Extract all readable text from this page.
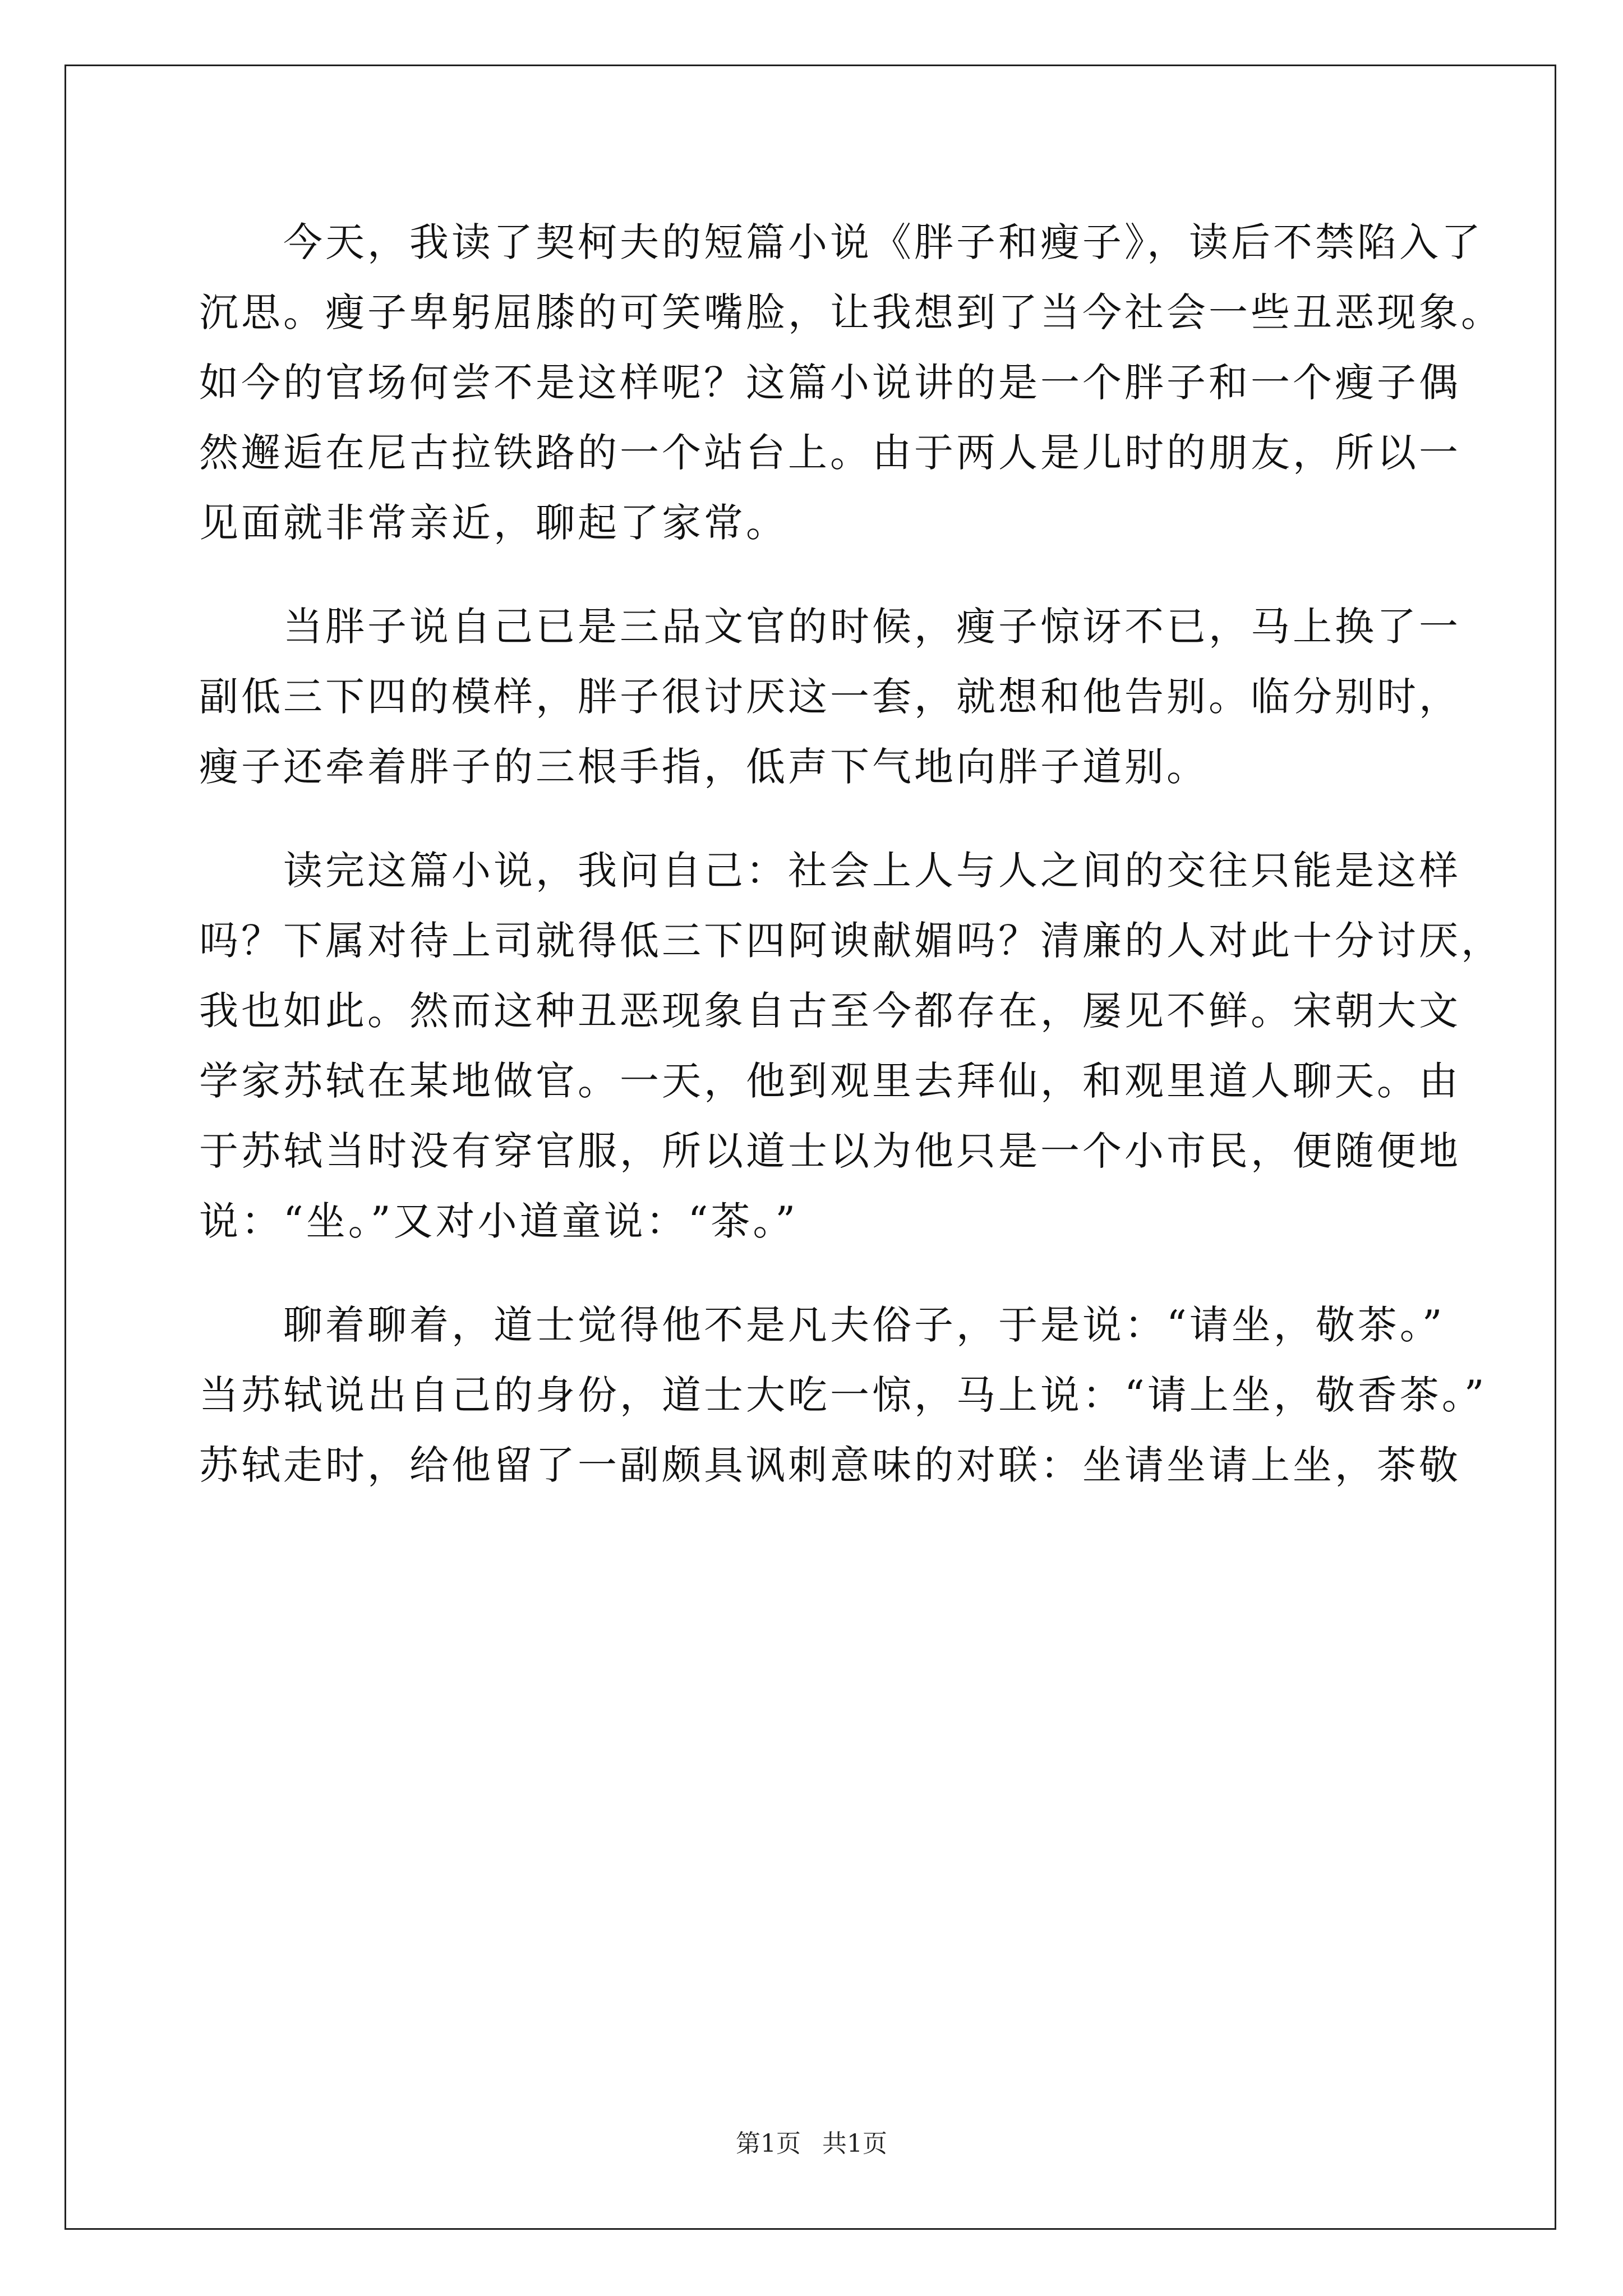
今天，我读了契柯夫的短篇小说《胖子和瘦子》，读后不禁陷入了
沉思。瘦子卑躬屈膝的可笑嘴脸，让我想到了当今社会一些丑恶现象。
如今的官场何尝不是这样呢？这篇小说讲的是一个胖子和一个瘦子偶
然邂逅在尼古拉铁路的一个站台上。由于两人是儿时的朋友，所以一
见面就非常亲近，聊起了家常。
当胖子说自己已是三品文官的时候，瘦子惊讶不已，马上换了一
副低三下四的模样，胖子很讨厌这一套，就想和他告别。临分别时，
瘦子还牵着胖子的三根手指，低声下气地向胖子道别。
读完这篇小说，我问自己：社会上人与人之间的交往只能是这样
吗？下属对待上司就得低三下四阿谀献媚吗？清廉的人对此十分讨厌，
我也如此。然而这种丑恶现象自古至今都存在，屡见不鲜。宋朝大文
学家苏轼在某地做官。一天，他到观里去拜仙，和观里道人聊天。由
于苏轼当时没有穿官服，所以道士以为他只是一个小市民，便随便地
说：“坐。”又对小道童说：“茶。”
聊着聊着，道士觉得他不是凡夫俗子，于是说：“请坐，敬茶。”
当苏轼说出自己的身份，道士大吃一惊，马上说：“请上坐，敬香茶。”
苏轼走时，给他留了一副颇具讽刺意味的对联：坐请坐请上坐，茶敬
第1页 共1页
